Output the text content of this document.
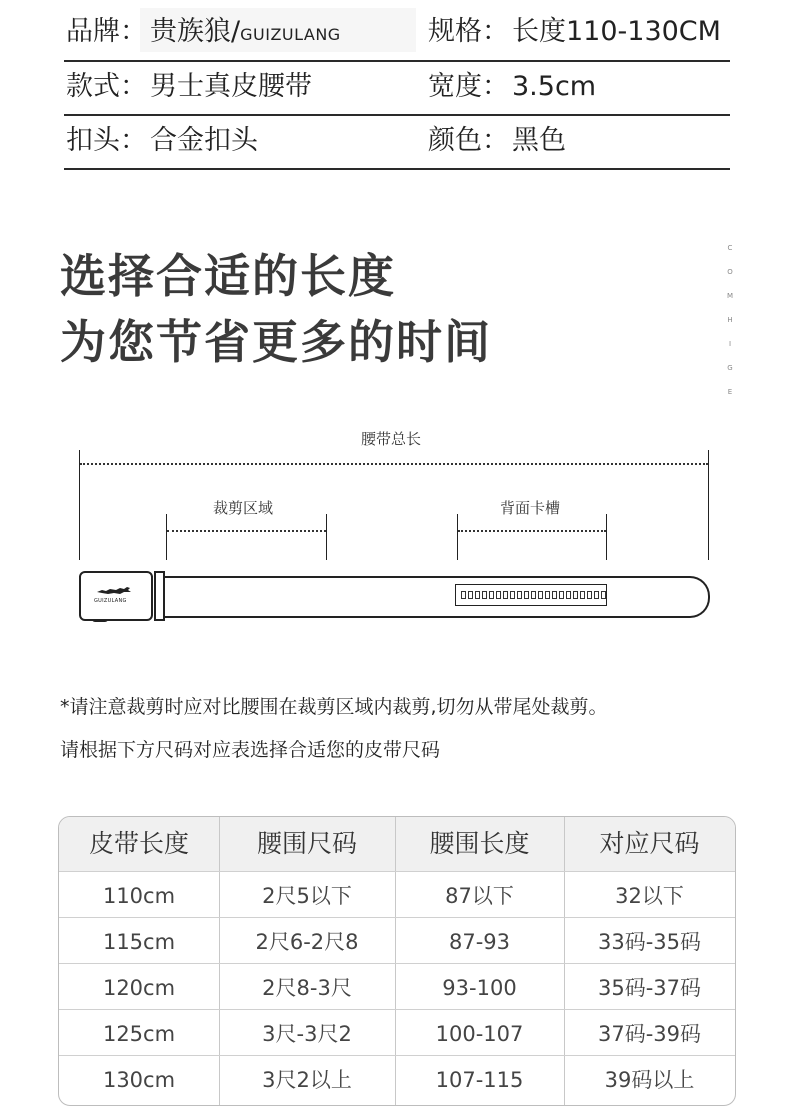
品牌： 贵族狼/GUIZULANG	规格： 长度110-130CM
款式： 男士真皮腰带	宽度： 3.5cm
扣头： 合金扣头	颜色： 黑色
选择合适的长度
为您节省更多的时间
C
O
M
H
I
G
E
腰带总长
裁剪区域	背面卡槽
GUIZULANG
*请注意裁剪时应对比腰围在裁剪区域内裁剪,切勿从带尾处裁剪。
请根据下方尺码对应表选择合适您的皮带尺码
皮带长度	腰围尺码	腰围长度	对应尺码
110cm	2尺5以下	87以下	32以下
115cm	2尺6-2尺8	87-93	33码-35码
120cm	2尺8-3尺	93-100	35码-37码
125cm	3尺-3尺2	100-107	37码-39码
130cm	3尺2以上	107-115	39码以上
